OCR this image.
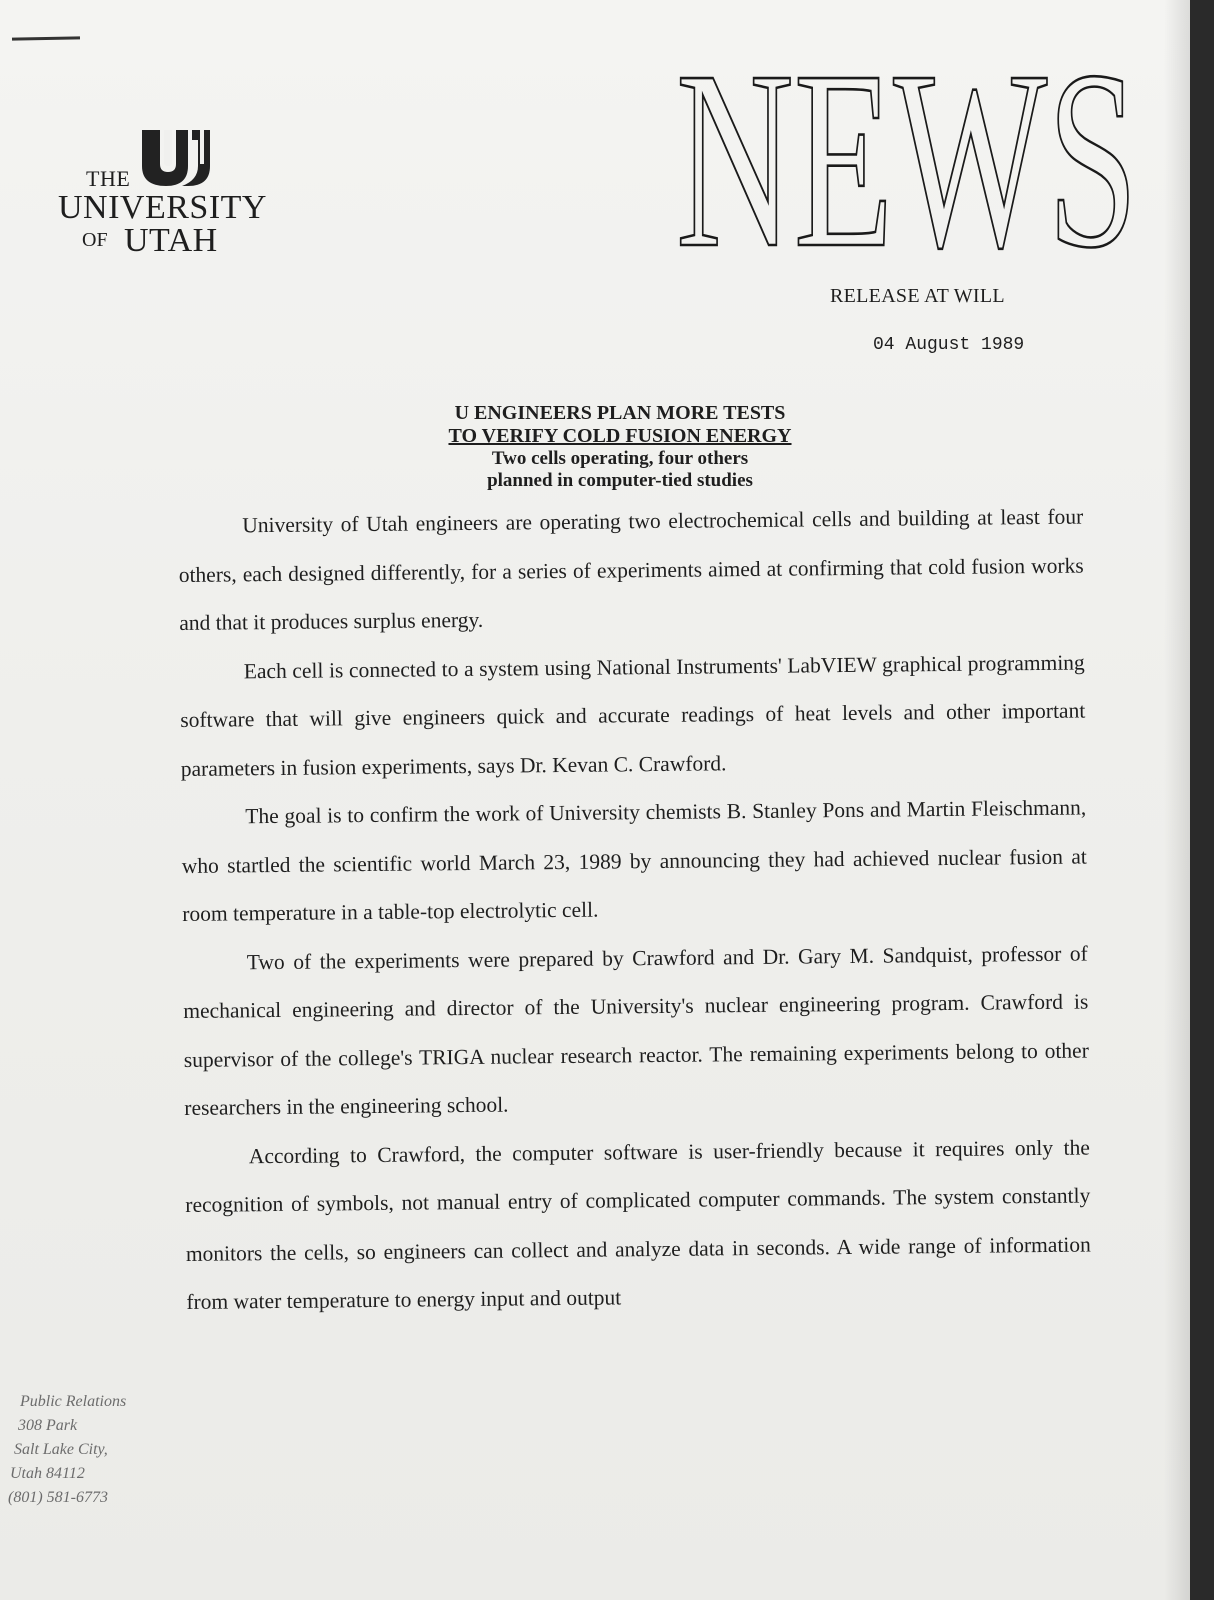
THE
UNIVERSITY
OF UTAH NEWS
RELEASE AT WILL
04 August 1989
U ENGINEERS PLAN MORE TESTS
TO VERIFY COLD FUSION ENERGY
Two cells operating, four others
planned in computer-tied studies

University of Utah engineers are operating two electrochemical cells and building at least four others, each designed differently, for a series of experiments aimed at confirming that cold fusion works and that it produces surplus energy.

Each cell is connected to a system using National Instruments' LabVIEW graphical programming software that will give engineers quick and accurate readings of heat levels and other important parameters in fusion experiments, says Dr. Kevan C. Crawford.

The goal is to confirm the work of University chemists B. Stanley Pons and Martin Fleischmann, who startled the scientific world March 23, 1989 by announcing they had achieved nuclear fusion at room temperature in a table-top electrolytic cell.

Two of the experiments were prepared by Crawford and Dr. Gary M. Sandquist, professor of mechanical engineering and director of the University's nuclear engineering program. Crawford is supervisor of the college's TRIGA nuclear research reactor. The remaining experiments belong to other researchers in the engineering school.

According to Crawford, the computer software is user-friendly because it requires only the recognition of symbols, not manual entry of complicated computer commands. The system constantly monitors the cells, so engineers can collect and analyze data in seconds. A wide range of information from water temperature to energy input and output

Public Relations
308 Park
Salt Lake City,
Utah 84112
(801) 581-6773
